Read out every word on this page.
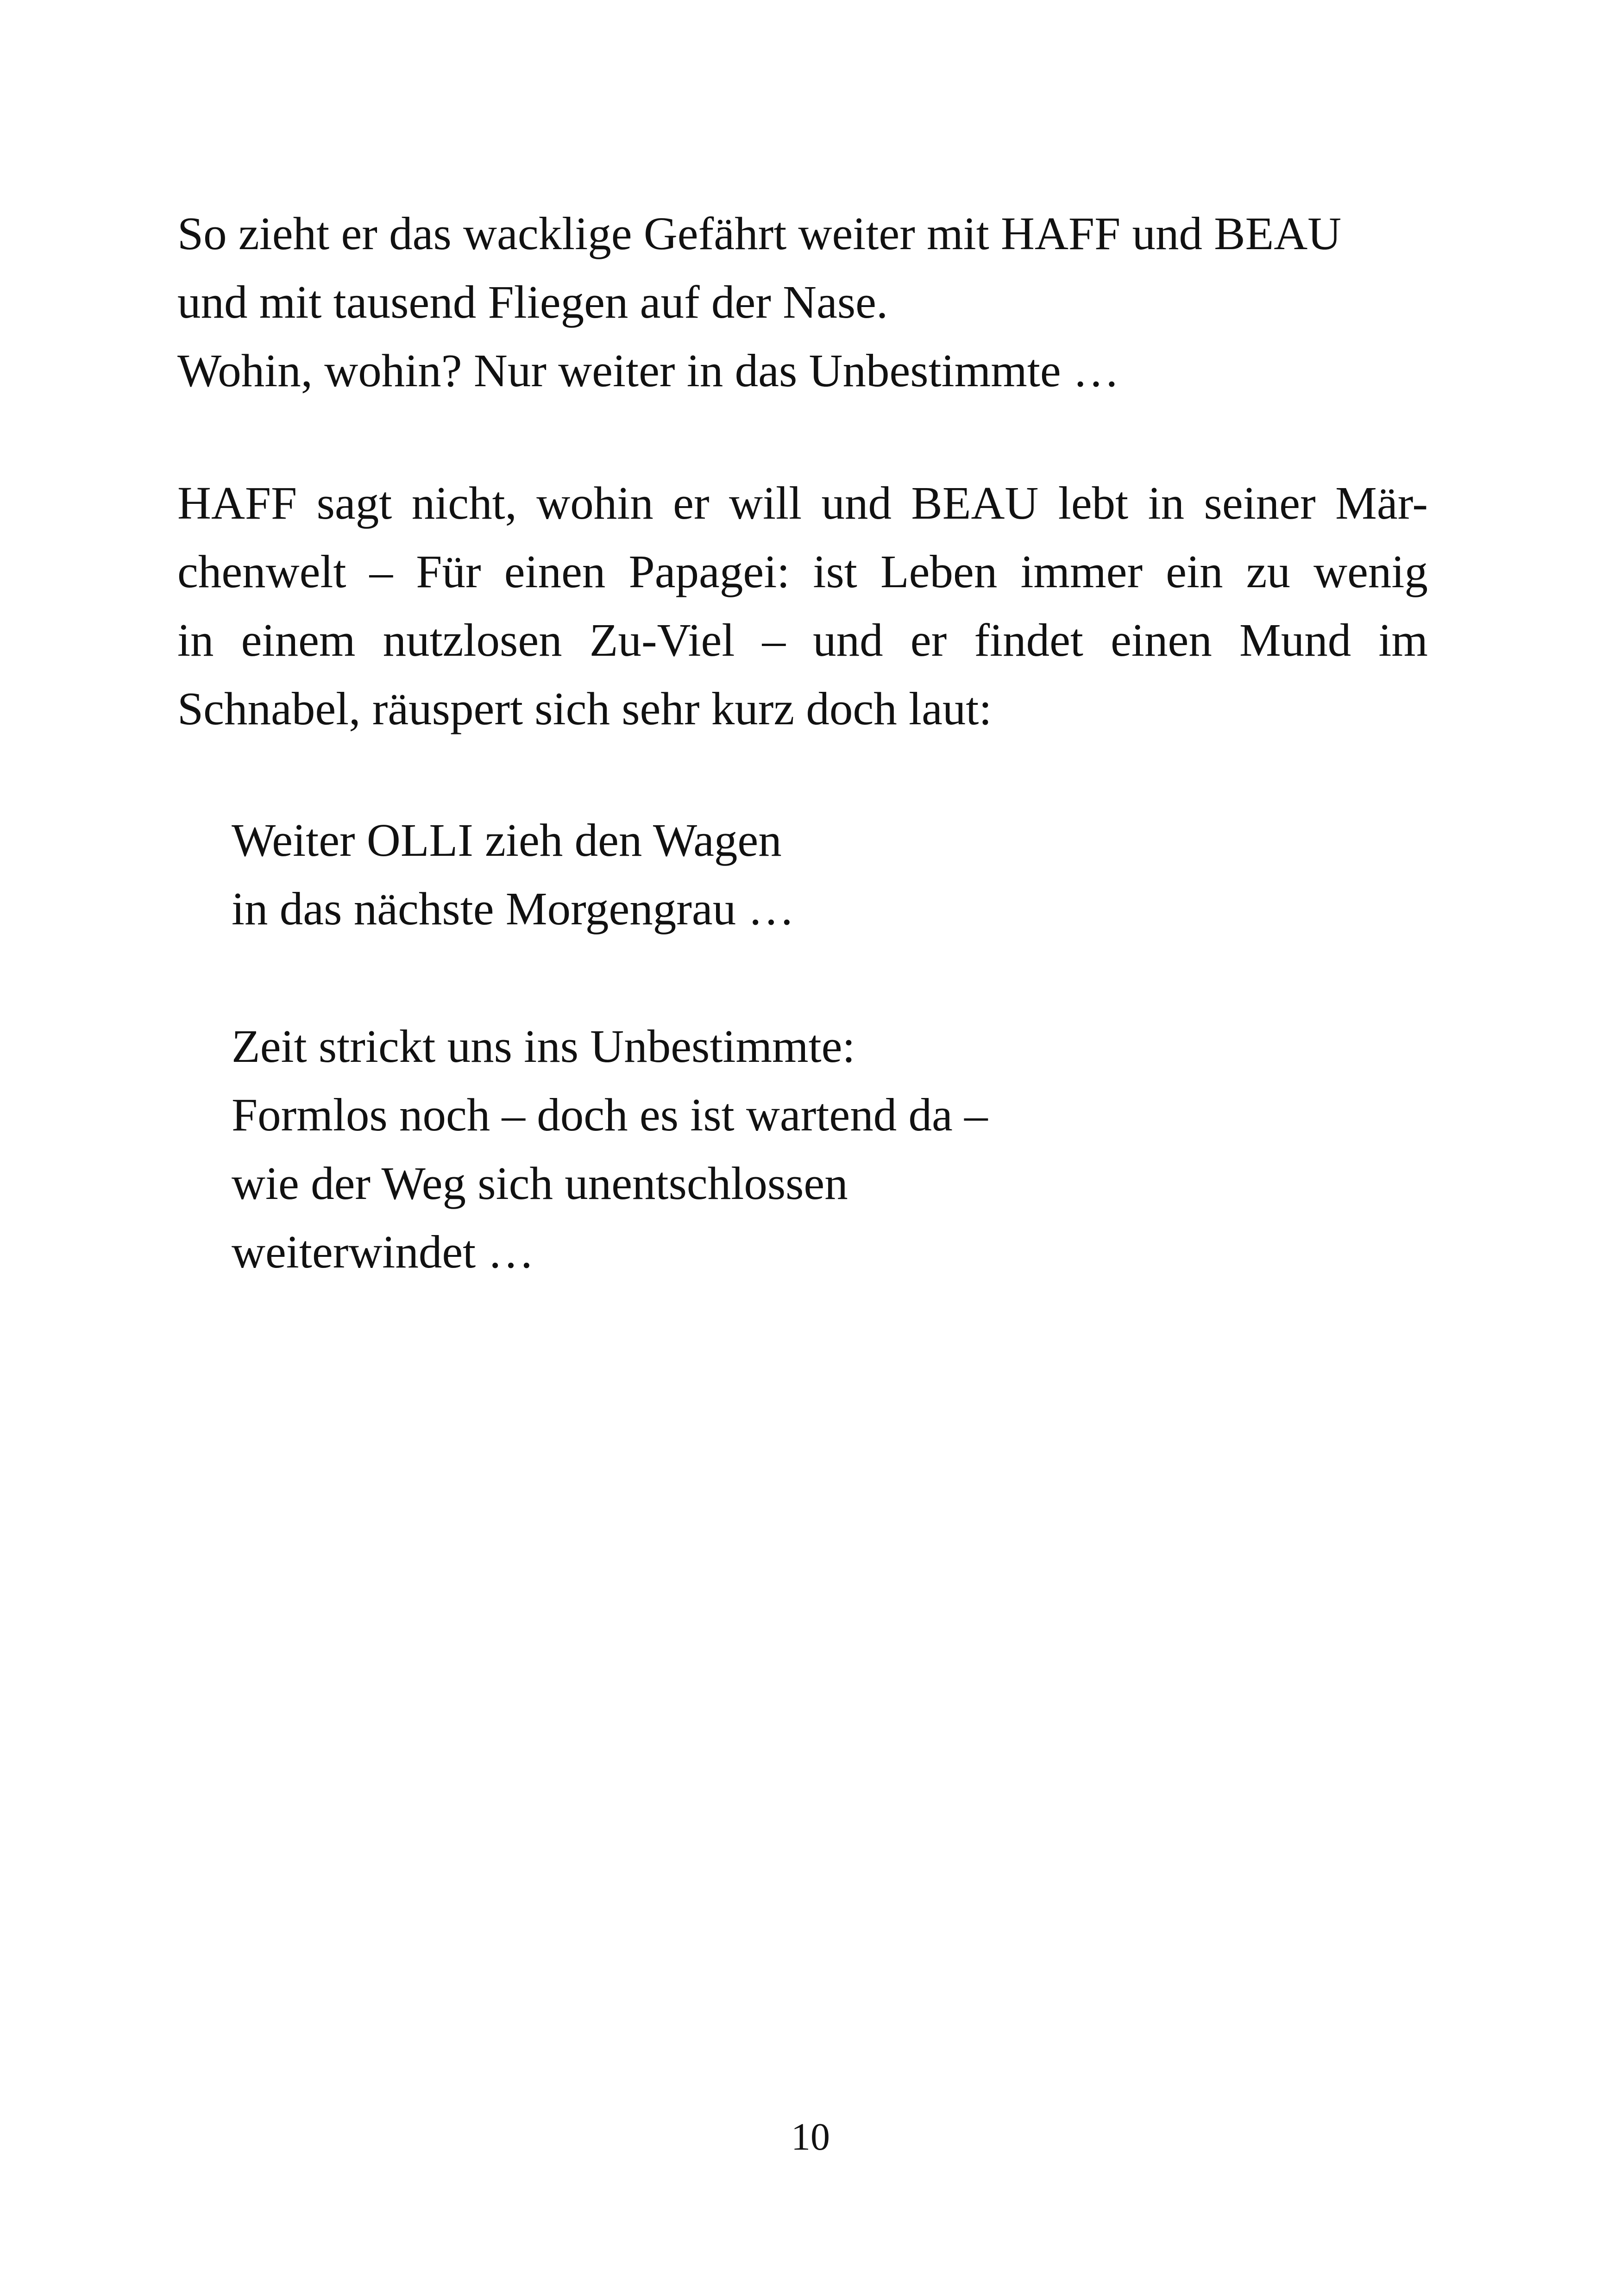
So zieht er das wacklige Gefährt weiter mit HAFF und BEAU
und mit tausend Fliegen auf der Nase.
Wohin, wohin? Nur weiter in das Unbestimmte …

HAFF sagt nicht, wohin er will und BEAU lebt in seiner Mär-
chenwelt – Für einen Papagei: ist Leben immer ein zu wenig
in einem nutzlosen Zu-Viel – und er findet einen Mund im
Schnabel, räuspert sich sehr kurz doch laut:

Weiter OLLI zieh den Wagen
in das nächste Morgengrau …

Zeit strickt uns ins Unbestimmte:
Formlos noch – doch es ist wartend da –
wie der Weg sich unentschlossen
weiterwindet …

10
